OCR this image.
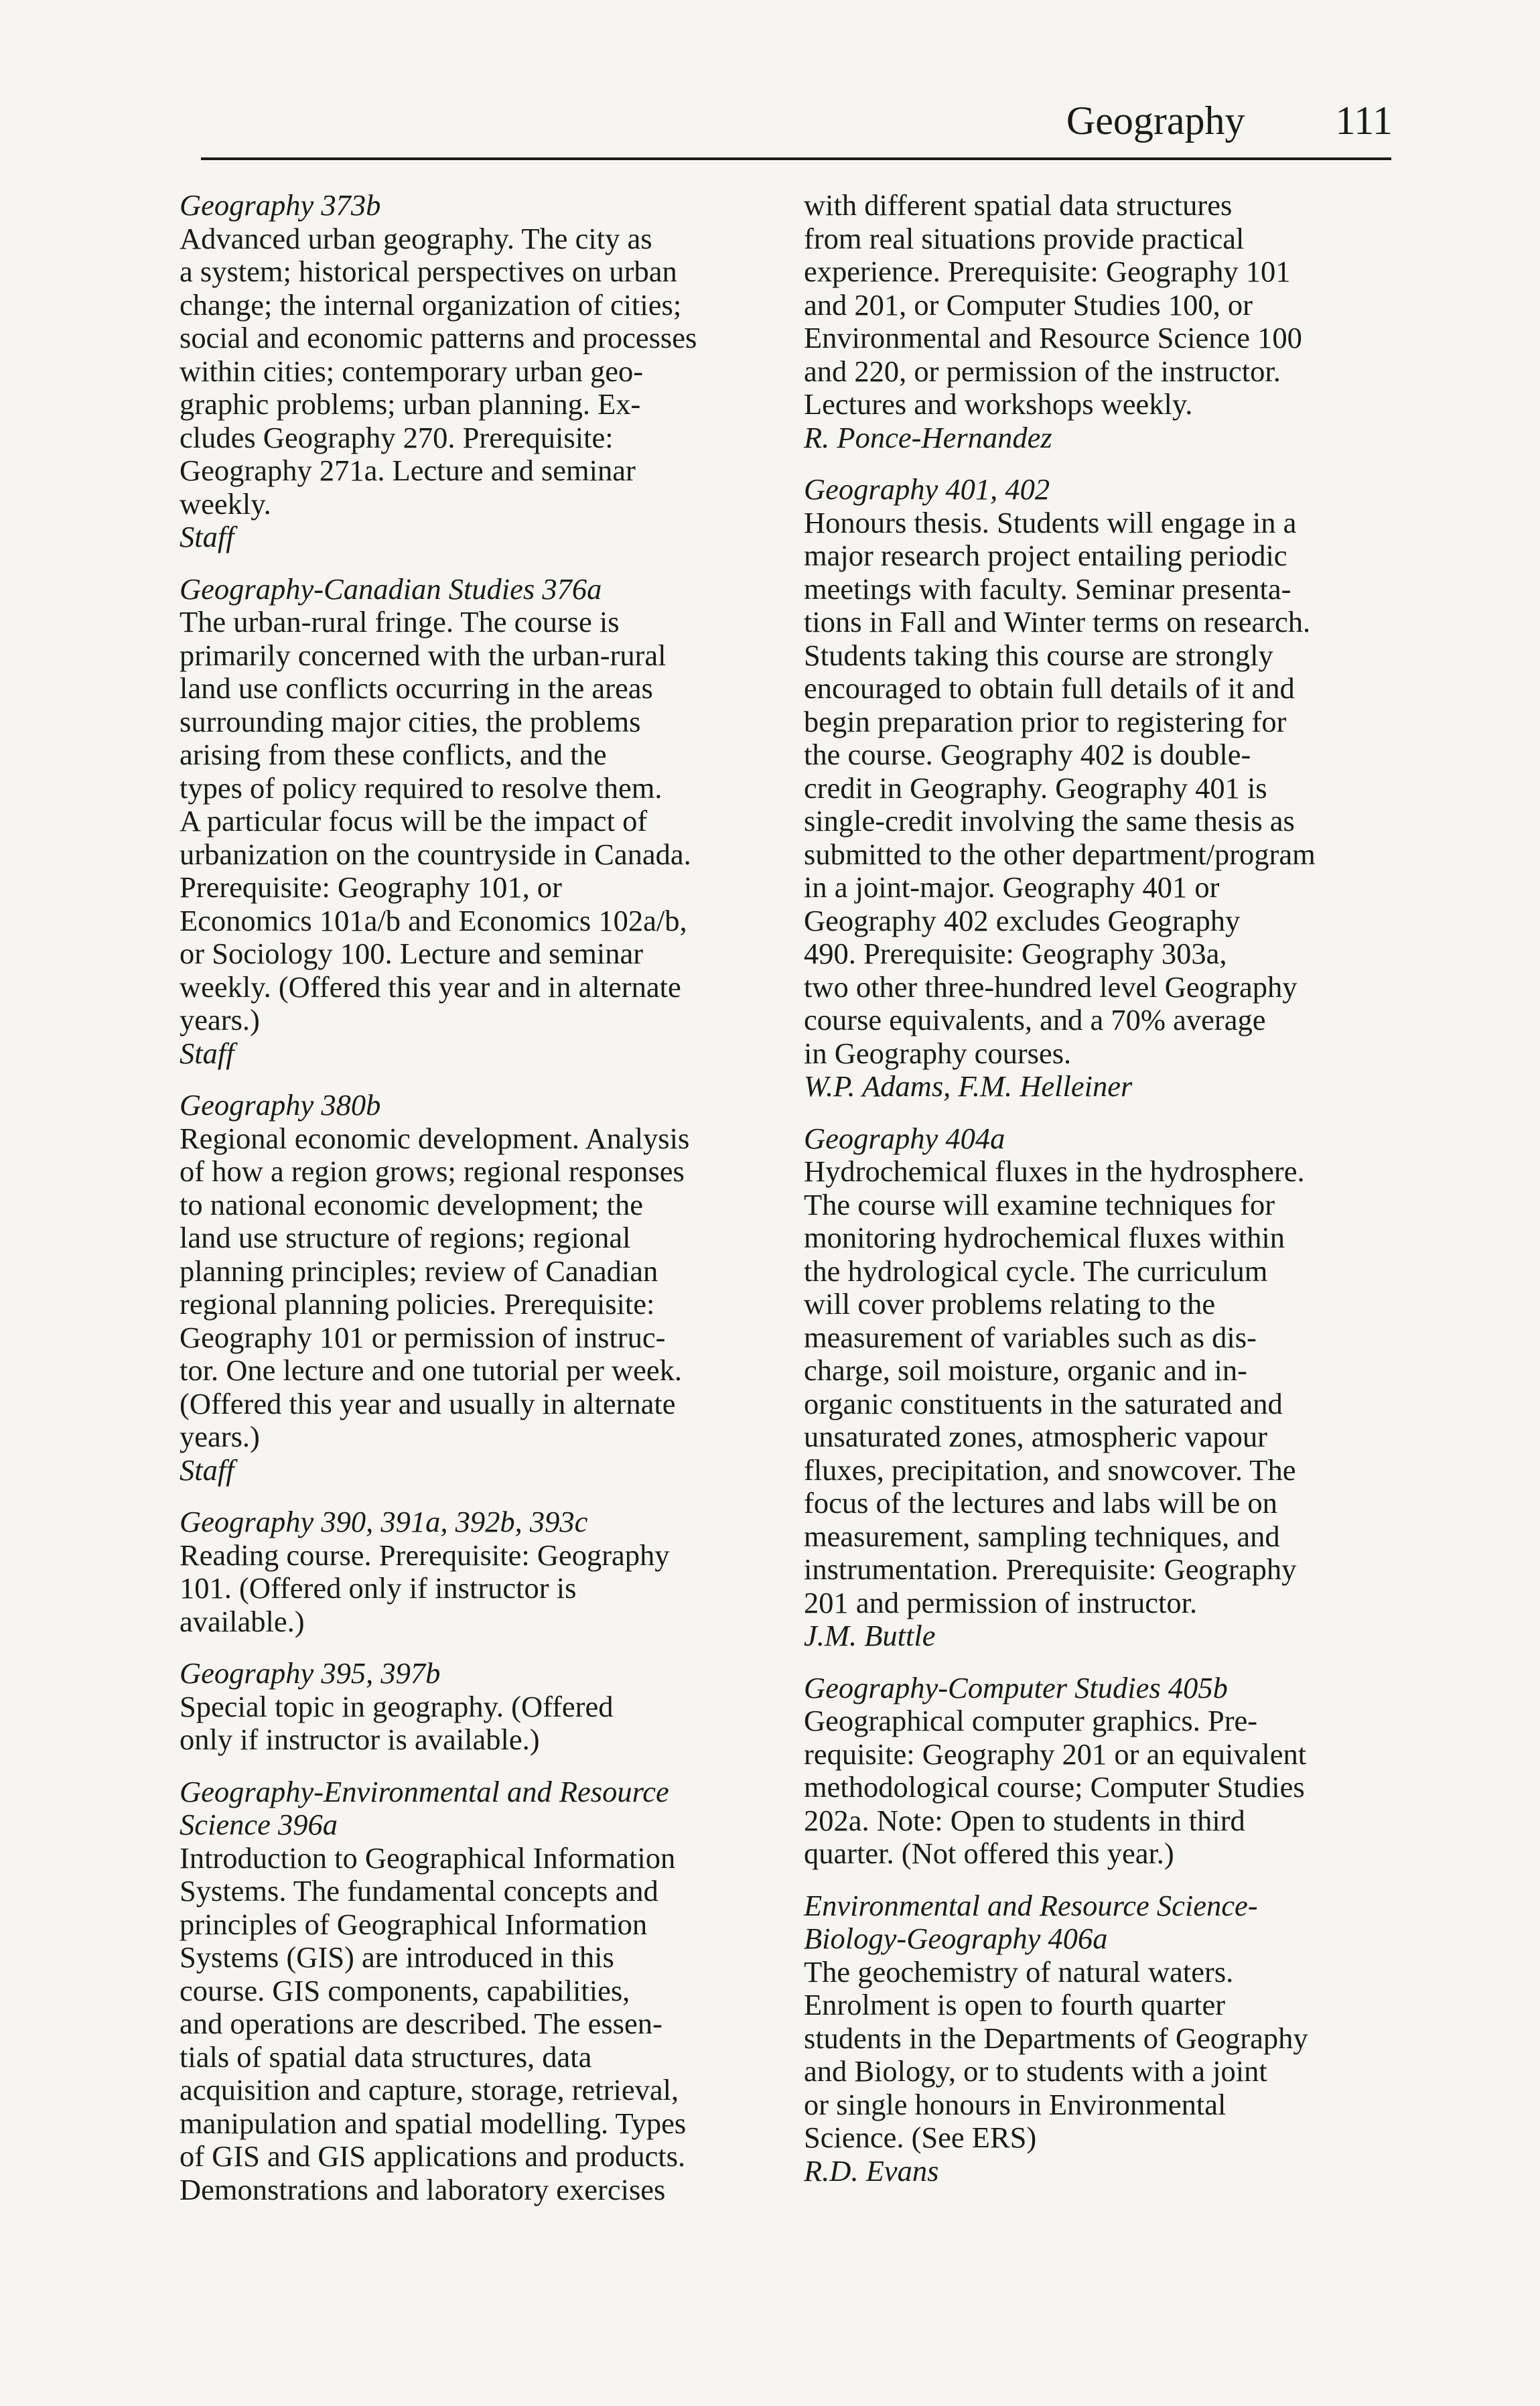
Geography 111

Geography 373b

Advanced urban geography. The city as
a system; historical perspectives on urban
change; the internal organization of cities;
social and economic patterns and processes
within cities; contemporary urban geo-
graphic problems; urban planning. Ex-
cludes Geography 270. Prerequisite:
Geography 271a. Lecture and seminar
weekly.

Staff

Geography-Canadian Studies 376a

The urban-rural fringe. The course is
primarily concerned with the urban-rural
land use conflicts occurring in the areas
surrounding major cities, the problems
arising from these conflicts, and the
types of policy required to resolve them.
A particular focus will be the impact of
urbanization on the countryside in Canada.
Prerequisite: Geography 101, or
Economics 101a/b and Economics 102a/b,
or Sociology 100. Lecture and seminar
weekly. (Offered this year and in alternate
years.)

Staff

Geography 380b

Regional economic development. Analysis
of how a region grows; regional responses
to national economic development; the
land use structure of regions; regional
planning principles; review of Canadian
regional planning policies. Prerequisite:
Geography 101 or permission of instruc-
tor. One lecture and one tutorial per week.
(Offered this year and usually in alternate
years.)

Staff

Geography 390, 391a, 392b, 393c

Reading course. Prerequisite: Geography
101. (Offered only if instructor is
available.)

Geography 395, 397b

Special topic in geography. (Offered
only if instructor is available.)

Geography-Environmental and Resource
Science 396a

Introduction to Geographical Information
Systems. The fundamental concepts and
principles of Geographical Information
Systems (GIS) are introduced in this
course. GIS components, capabilities,
and operations are described. The essen-
tials of spatial data structures, data
acquisition and capture, storage, retrieval,
manipulation and spatial modelling. Types
of GIS and GIS applications and products.
Demonstrations and laboratory exercises

with different spatial data structures
from real situations provide practical
experience. Prerequisite: Geography 101
and 201, or Computer Studies 100, or
Environmental and Resource Science 100
and 220, or permission of the instructor.
Lectures and workshops weekly.

R. Ponce-Hernandez

Geography 401, 402

Honours thesis. Students will engage in a
major research project entailing periodic
meetings with faculty. Seminar presenta-
tions in Fall and Winter terms on research.
Students taking this course are strongly
encouraged to obtain full details of it and
begin preparation prior to registering for
the course. Geography 402 is double-
credit in Geography. Geography 401 is
single-credit involving the same thesis as
submitted to the other department/program
in a joint-major. Geography 401 or
Geography 402 excludes Geography
490. Prerequisite: Geography 303a,
two other three-hundred level Geography
course equivalents, and a 70% average
in Geography courses.

W.P. Adams, F.M. Helleiner

Geography 404a

Hydrochemical fluxes in the hydrosphere.
The course will examine techniques for
monitoring hydrochemical fluxes within
the hydrological cycle. The curriculum
will cover problems relating to the
measurement of variables such as dis-
charge, soil moisture, organic and in-
organic constituents in the saturated and
unsaturated zones, atmospheric vapour
fluxes, precipitation, and snowcover. The
focus of the lectures and labs will be on
measurement, sampling techniques, and
instrumentation. Prerequisite: Geography
201 and permission of instructor.

J.M. Buttle

Geography-Computer Studies 405b

Geographical computer graphics. Pre-
requisite: Geography 201 or an equivalent
methodological course; Computer Studies
202a. Note: Open to students in third
quarter. (Not offered this year.)

Environmental and Resource Science-
Biology-Geography 406a

The geochemistry of natural waters.
Enrolment is open to fourth quarter
students in the Departments of Geography
and Biology, or to students with a joint
or single honours in Environmental
Science. (See ERS)

R.D. Evans
